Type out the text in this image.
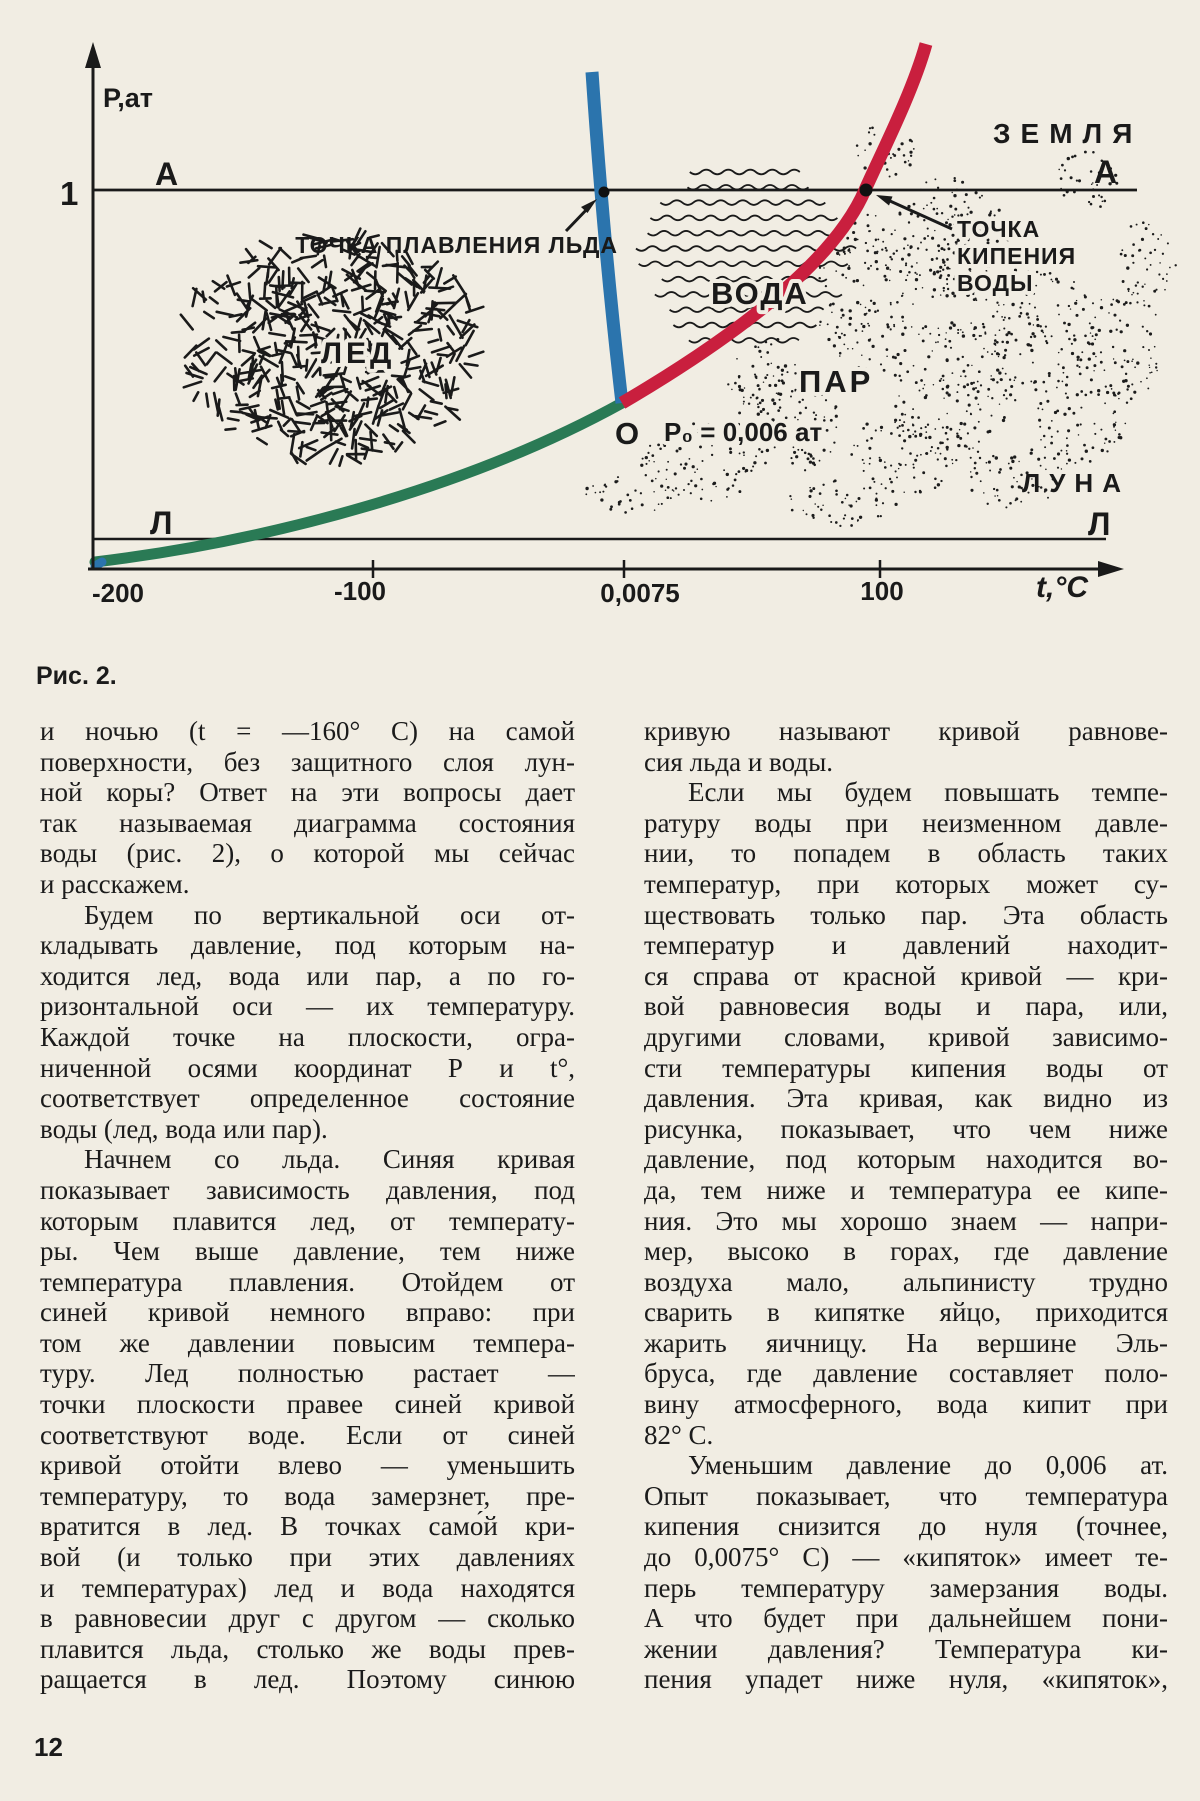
Р,ат
1
А	А
ЗЕМЛЯ
ЛУНА
Л	Л
ЛЕД
ВОДА
ПАР
ТОЧКА ПЛАВЛЕНИЯ ЛЬДА
ТОЧКА
КИПЕНИЯ
ВОДЫ
О Р₀ = 0,006 ат
-200	-100	0,0075	100	t,°C
Рис. 2.
и ночью (t = —160° С) на самой
поверхности, без защитного слоя лун-
ной коры? Ответ на эти вопросы дает
так называемая диаграмма состояния
воды (рис. 2), о которой мы сейчас
и расскажем.
Будем по вертикальной оси от-
кладывать давление, под которым на-
ходится лед, вода или пар, а по го-
ризонтальной оси — их температуру.
Каждой точке на плоскости, огра-
ниченной осями координат Р и t°,
соответствует определенное состояние
воды (лед, вода или пар).
Начнем со льда. Синяя кривая
показывает зависимость давления, под
которым плавится лед, от температу-
ры. Чем выше давление, тем ниже
температура плавления. Отойдем от
синей кривой немного вправо: при
том же давлении повысим темпера-
туру. Лед полностью растает —
точки плоскости правее синей кривой
соответствуют воде. Если от синей
кривой отойти влево — уменьшить
температуру, то вода замерзнет, пре-
вратится в лед. В точках само́й кри-
вой (и только при этих давлениях
и температурах) лед и вода находятся
в равновесии друг с другом — сколько
плавится льда, столько же воды прев-
ращается в лед. Поэтому синюю
кривую называют кривой равнове-
сия льда и воды.
Если мы будем повышать темпе-
ратуру воды при неизменном давле-
нии, то попадем в область таких
температур, при которых может су-
ществовать только пар. Эта область
температур и давлений находит-
ся справа от красной кривой — кри-
вой равновесия воды и пара, или,
другими словами, кривой зависимо-
сти температуры кипения воды от
давления. Эта кривая, как видно из
рисунка, показывает, что чем ниже
давление, под которым находится во-
да, тем ниже и температура ее кипе-
ния. Это мы хорошо знаем — напри-
мер, высоко в горах, где давление
воздуха мало, альпинисту трудно
сварить в кипятке яйцо, приходится
жарить яичницу. На вершине Эль-
бруса, где давление составляет поло-
вину атмосферного, вода кипит при
82° С.
Уменьшим давление до 0,006 ат.
Опыт показывает, что температура
кипения снизится до нуля (точнее,
до 0,0075° С) — «кипяток» имеет те-
перь температуру замерзания воды.
А что будет при дальнейшем пони-
жении давления? Температура ки-
пения упадет ниже нуля, «кипяток»,
12
